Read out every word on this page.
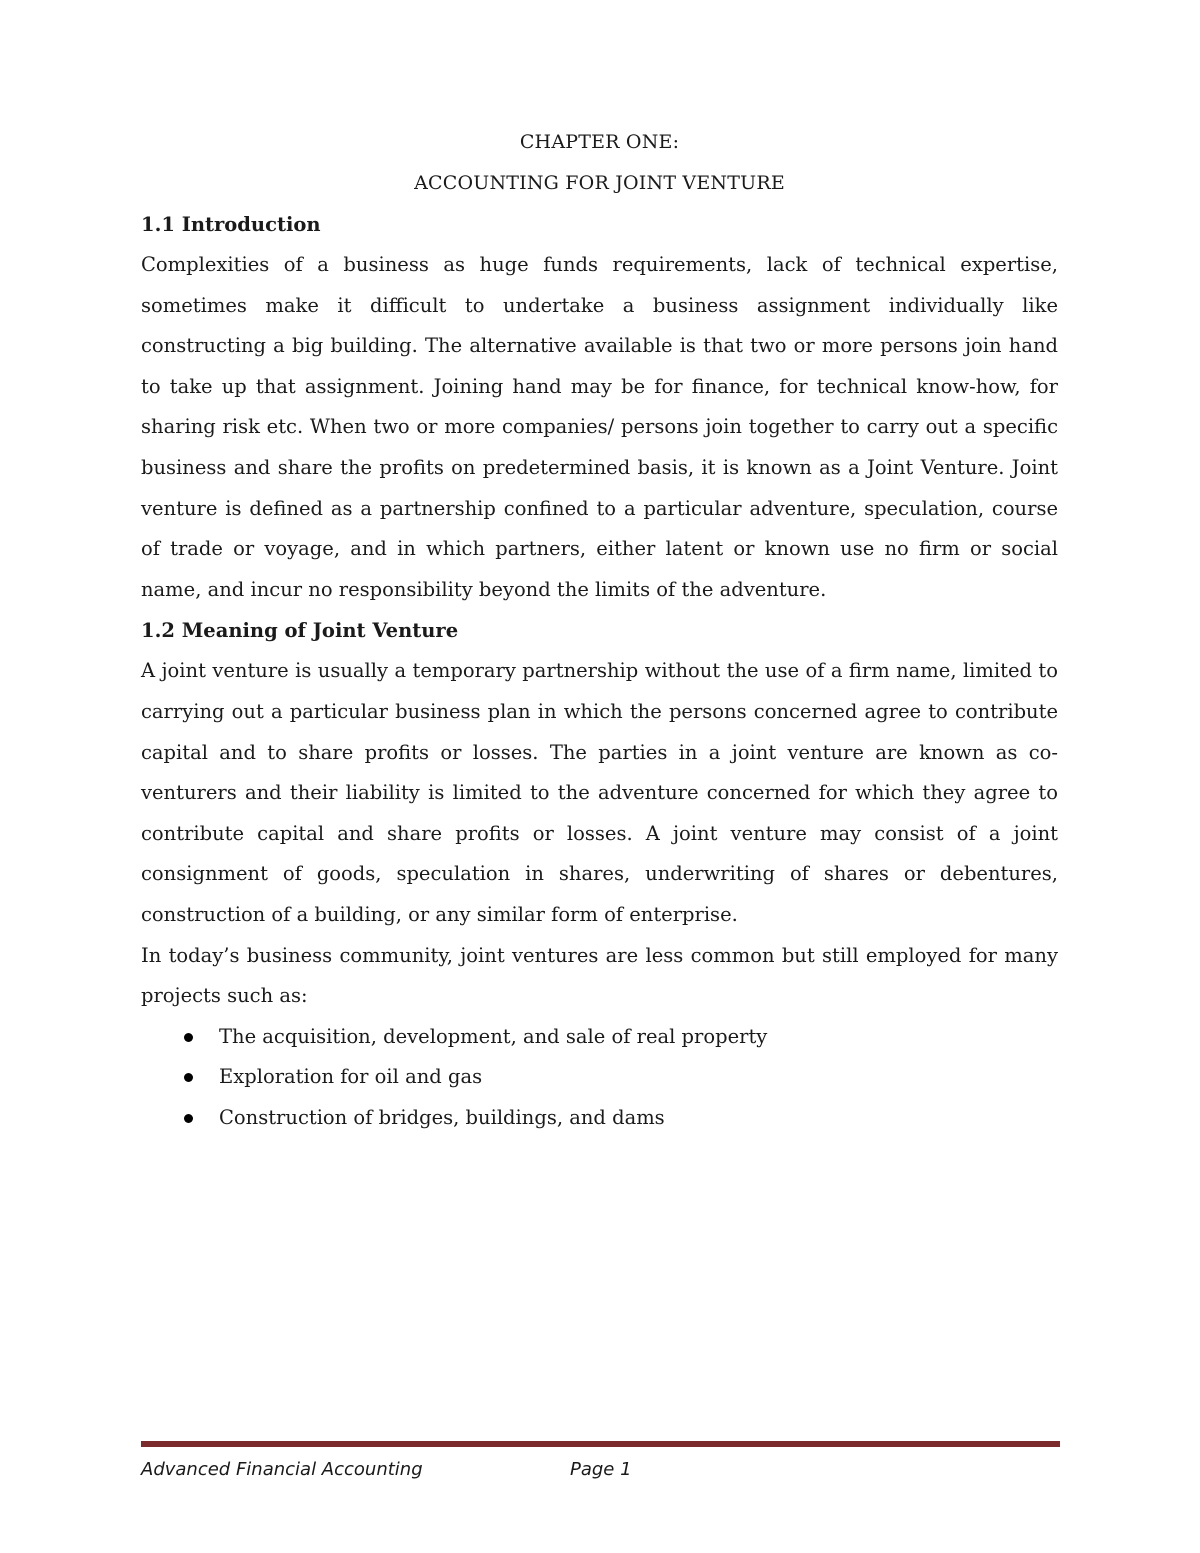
CHAPTER ONE:

ACCOUNTING FOR JOINT VENTURE

1.1 Introduction

Complexities of a business as huge funds requirements, lack of technical expertise, sometimes make it difficult to undertake a business assignment individually like constructing a big building. The alternative available is that two or more persons join hand to take up that assignment. Joining hand may be for finance, for technical know-how, for sharing risk etc. When two or more companies/ persons join together to carry out a specific business and share the profits on predetermined basis, it is known as a Joint Venture. Joint venture is defined as a partnership confined to a particular adventure, speculation, course of trade or voyage, and in which partners, either latent or known use no firm or social name, and incur no responsibility beyond the limits of the adventure.

1.2 Meaning of Joint Venture

A joint venture is usually a temporary partnership without the use of a firm name, limited to carrying out a particular business plan in which the persons concerned agree to contribute capital and to share profits or losses. The parties in a joint venture are known as co-venturers and their liability is limited to the adventure concerned for which they agree to contribute capital and share profits or losses. A joint venture may consist of a joint consignment of goods, speculation in shares, underwriting of shares or debentures, construction of a building, or any similar form of enterprise.

In today’s business community, joint ventures are less common but still employed for many projects such as:

The acquisition, development, and sale of real property
Exploration for oil and gas
Construction of bridges, buildings, and dams
Advanced Financial Accounting	Page 1
